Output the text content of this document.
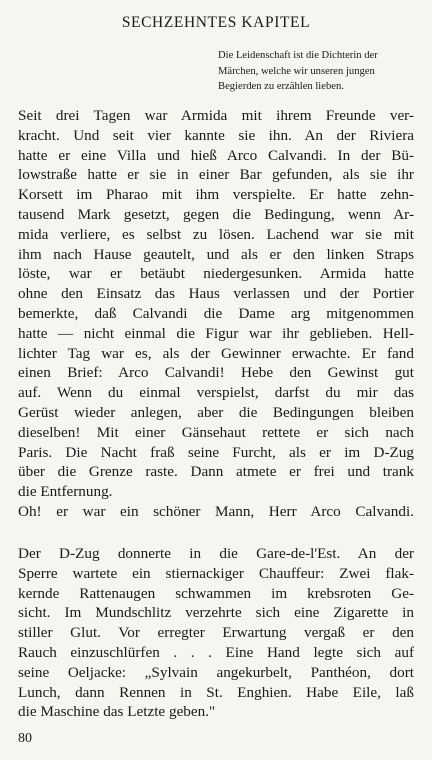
SECHZEHNTES KAPITEL
Die Leidenschaft ist die Dichterin der
Märchen, welche wir unseren jungen
Begierden zu erzählen lieben.
Seit drei Tagen war Armida mit ihrem Freunde ver-
kracht. Und seit vier kannte sie ihn. An der Riviera
hatte er eine Villa und hieß Arco Calvandi. In der Bü-
lowstraße hatte er sie in einer Bar gefunden, als sie ihr
Korsett im Pharao mit ihm verspielte. Er hatte zehn-
tausend Mark gesetzt, gegen die Bedingung, wenn Ar-
mida verliere, es selbst zu lösen. Lachend war sie mit
ihm nach Hause geautelt, und als er den linken Straps
löste, war er betäubt niedergesunken. Armida hatte
ohne den Einsatz das Haus verlassen und der Portier
bemerkte, daß Calvandi die Dame arg mitgenommen
hatte — nicht einmal die Figur war ihr geblieben. Hell-
lichter Tag war es, als der Gewinner erwachte. Er fand
einen Brief: Arco Calvandi! Hebe den Gewinst gut
auf. Wenn du einmal verspielst, darfst du mir das
Gerüst wieder anlegen, aber die Bedingungen bleiben
dieselben! Mit einer Gänsehaut rettete er sich nach
Paris. Die Nacht fraß seine Furcht, als er im D-Zug
über die Grenze raste. Dann atmete er frei und trank
die Entfernung.
Oh! er war ein schöner Mann, Herr Arco Calvandi.
Der D-Zug donnerte in die Gare-de-l'Est. An der
Sperre wartete ein stiernackiger Chauffeur: Zwei flak-
kernde Rattenaugen schwammen im krebsroten Ge-
sicht. Im Mundschlitz verzehrte sich eine Zigarette in
stiller Glut. Vor erregter Erwartung vergaß er den
Rauch einzuschlürfen . . . Eine Hand legte sich auf
seine Oeljacke: „Sylvain angekurbelt, Panthéon, dort
Lunch, dann Rennen in St. Enghien. Habe Eile, laß
die Maschine das Letzte geben."
80
